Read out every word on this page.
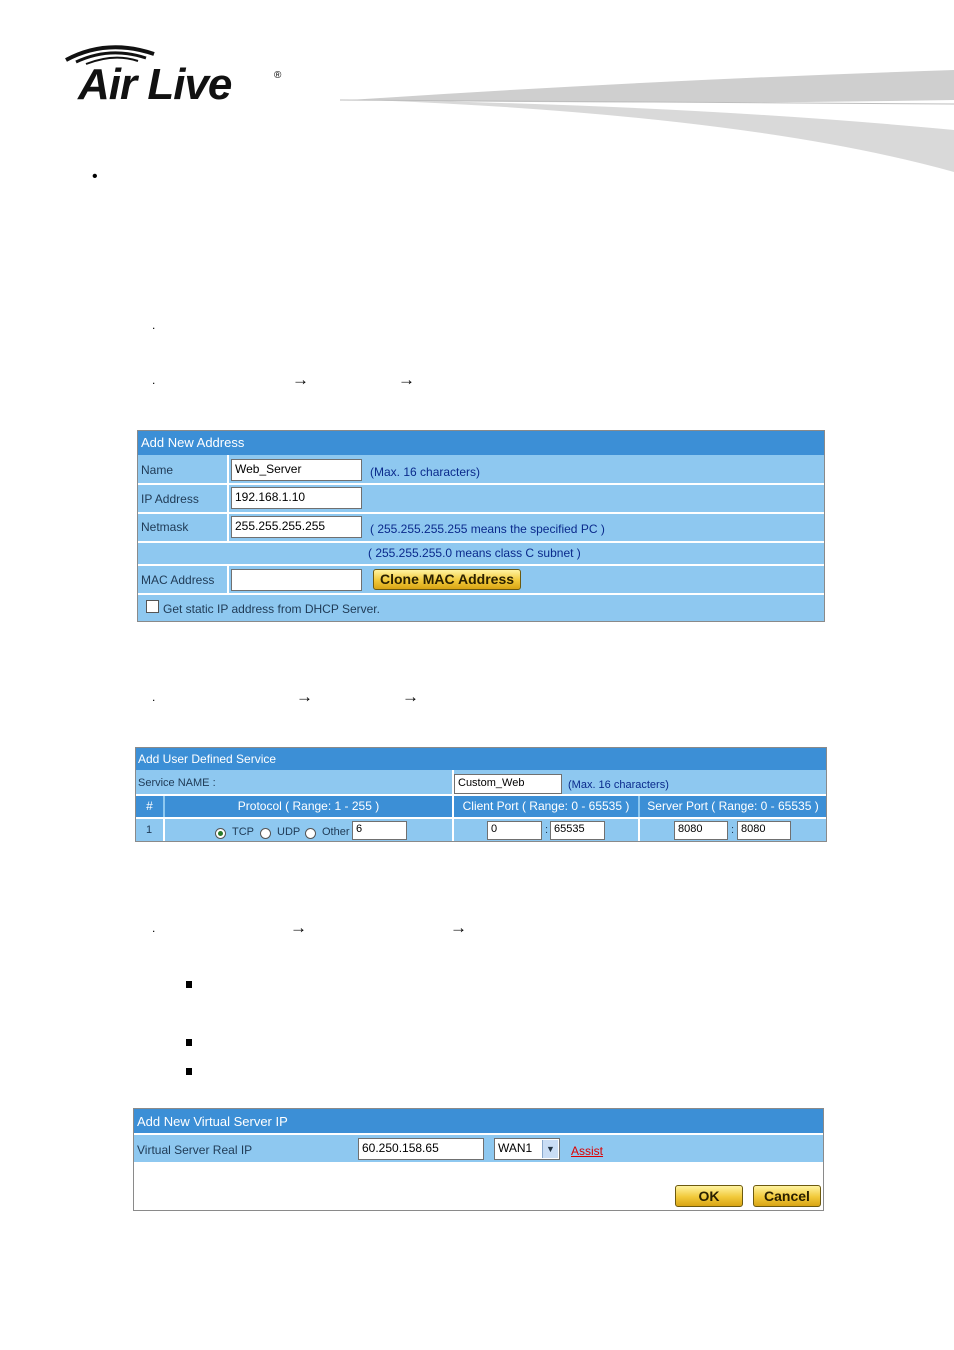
Air Live	®
•
.
.	→	→
Add New Address
Name	Web_Server	(Max. 16 characters)
IP Address	192.168.1.10
Netmask	255.255.255.255	( 255.255.255.255 means the specified PC )
( 255.255.255.0 means class C subnet )
MAC Address	Clone MAC Address
Get static IP address from DHCP Server.
.	→	→
Add User Defined Service
Service NAME :	Custom_Web	(Max. 16 characters)
#	Protocol ( Range: 1 - 255 )	Client Port ( Range: 0 - 65535 )	Server Port ( Range: 0 - 65535 )
1	TCP UDP Other 6	0	: 65535	8080	: 8080
.	→	→
Add New Virtual Server IP
Virtual Server Real IP	60.250.158.65	WAN1	▼ Assist
OK	Cancel
